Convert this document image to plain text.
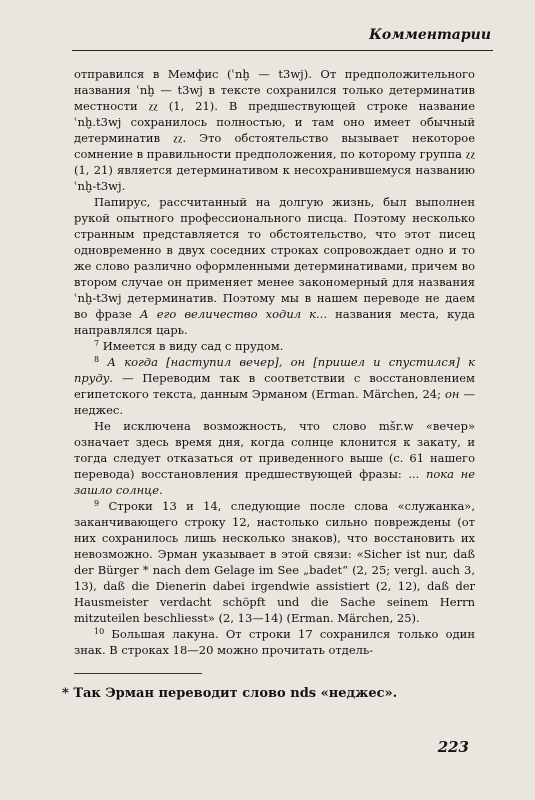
Комментарии

отправился в Мемфис (ʿnḫ — t3wj). От предположительного названия ʿnḫ — t3wj в тексте сохранился только детерминатив местности ⲍⲍ (1, 21). В предшествующей строке название ʿnḫ.t3wj сохранилось полностью, и там оно имеет обычный детерминатив ⲍⲍ. Это обстоятельство вызывает некоторое сомнение в правильности предположения, по которому группа ⲍⲍ (1, 21) является детерминативом к несохранившемуся названию ʿnḫ-t3wj.

Папирус, рассчитанный на долгую жизнь, был выполнен рукой опытного профессионального писца. Поэтому несколько странным представляется то обстоятельство, что этот писец одновременно в двух соседних строках сопровождает одно и то же слово различно оформленными детерминативами, причем во втором случае он применяет менее закономерный для названия ʿnḫ-t3wj детерминатив. Поэтому мы в нашем переводе не даем во фразе А его величество ходил к... названия места, куда направлялся царь.

$^7$ Имеется в виду сад с прудом.

$^8$ А когда [наступил вечер], он [пришел и спустился] к пруду. — Переводим так в соответствии с восстановлением египетского текста, данным Эрманом (Erman. Märchen, 24; он — неджес.

Не исключена возможность, что слово mšr.w «вечер» означает здесь время дня, когда солнце клонится к закату, и тогда следует отказаться от приведенного выше (с. 61 нашего перевода) восстановления предшествующей фразы: ... пока не зашло солнце.

$^9$ Строки 13 и 14, следующие после слова «служанка», заканчивающего строку 12, настолько сильно повреждены (от них сохранилось лишь несколько знаков), что восстановить их невозможно. Эрман указывает в этой связи: «Sicher ist nur, daß der Bürger * nach dem Gelage im See „badet“ (2, 25; vergl. auch 3, 13), daß die Dienerin dabei irgendwie assistiert (2, 12), daß der Hausmeister verdacht schöpft und die Sache seinem Herrn mitzuteilen beschliesst» (2, 13—14) (Erman. Märchen, 25).

$^{10}$ Большая лакуна. От строки 17 сохранился только один знак. В строках 18—20 можно прочитать отдель-

* Так Эрман переводит слово nds «неджес».
223
